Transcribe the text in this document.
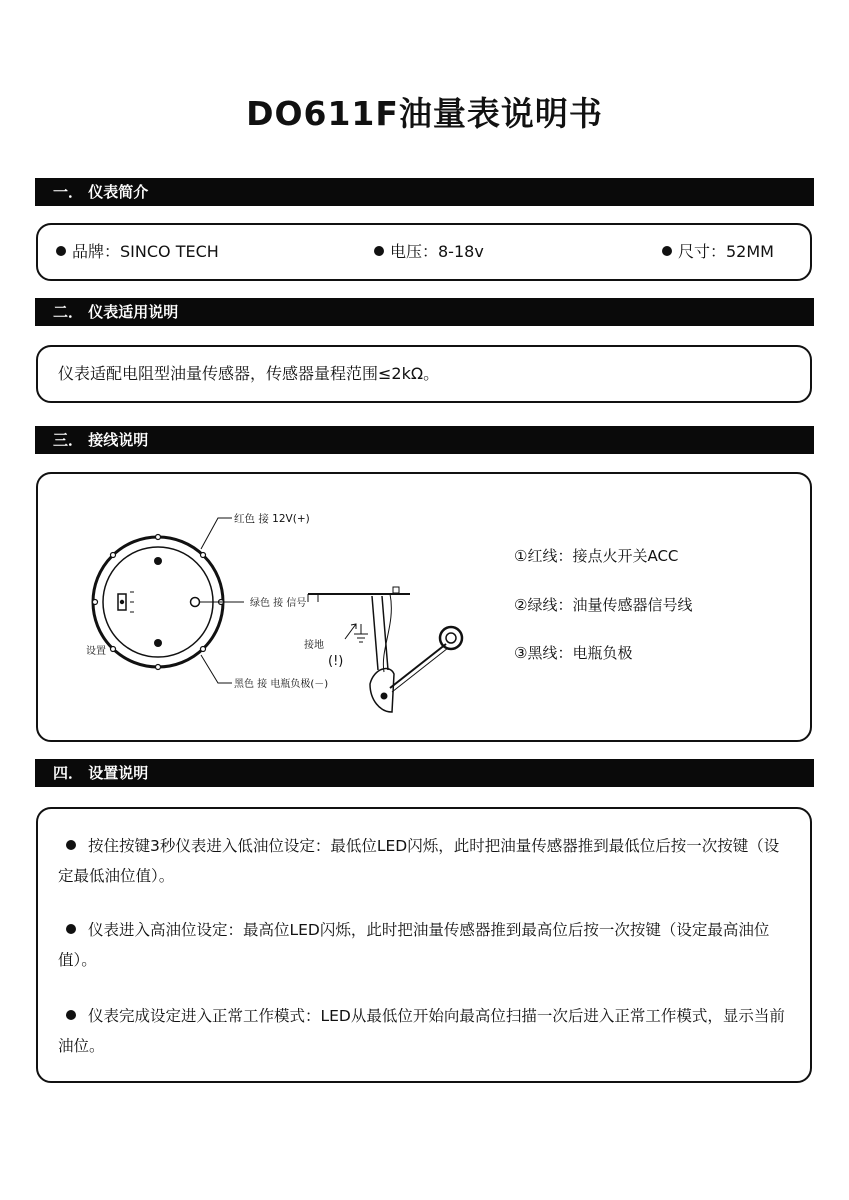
DO611F油量表说明书
一． 仪表简介
品牌：SINCO TECH	电压：8-18v	尺寸：52MM
二． 仪表适用说明
仪表适配电阻型油量传感器，传感器量程范围≤2kΩ。
三． 接线说明
红色 接 12V(+)
绿色 接 信号
黑色 接 电瓶负极(－)
设置
接地
(!)
①红线：接点火开关ACC
②绿线：油量传感器信号线
③黑线：电瓶负极
四． 设置说明
按住按键3秒仪表进入低油位设定：最低位LED闪烁，此时把油量传感器推到最低位后按一次按键（设定最低油位值）。
仪表进入高油位设定：最高位LED闪烁，此时把油量传感器推到最高位后按一次按键（设定最高油位值）。
仪表完成设定进入正常工作模式：LED从最低位开始向最高位扫描一次后进入正常工作模式，显示当前油位。
